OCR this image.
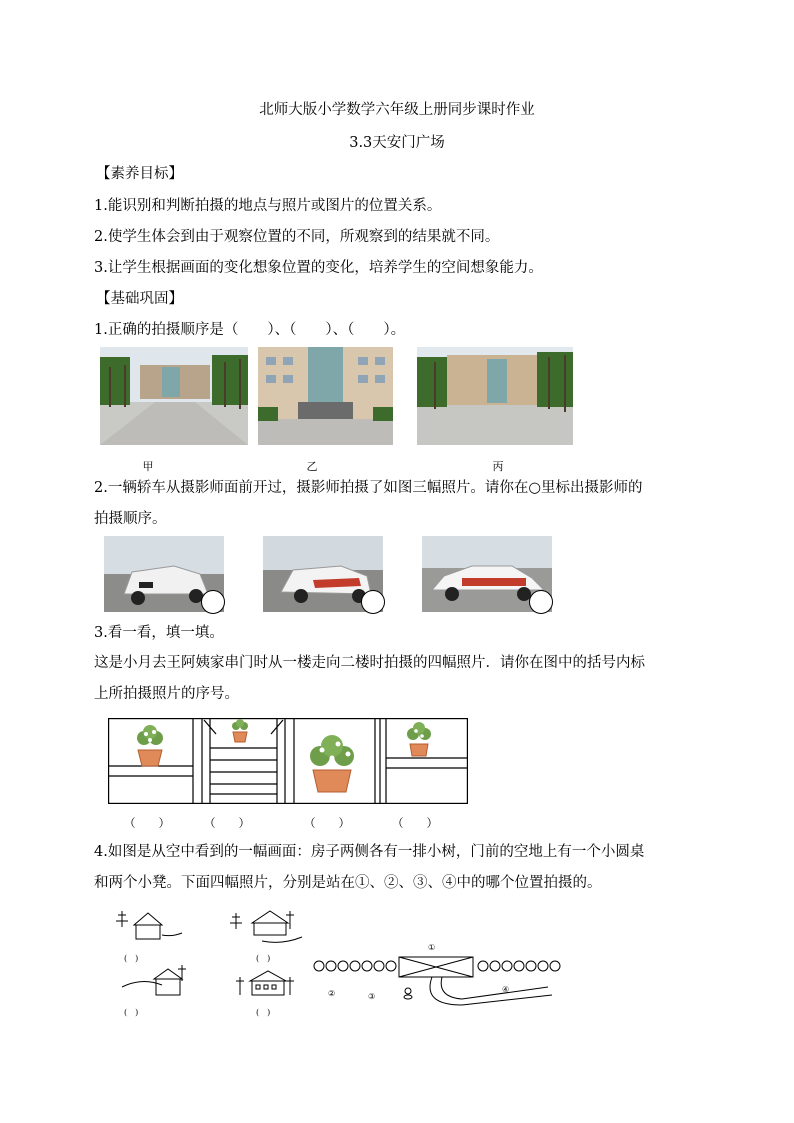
北师大版小学数学六年级上册同步课时作业
3.3天安门广场
【素养目标】
1.能识别和判断拍摄的地点与照片或图片的位置关系。
2.使学生体会到由于观察位置的不同，所观察到的结果就不同。
3.让学生根据画面的变化想象位置的变化，培养学生的空间想象能力。
【基础巩固】
1.正确的拍摄顺序是（　　）、（　　）、（　　）。
甲	乙	丙
2.一辆轿车从摄影师面前开过，摄影师拍摄了如图三幅照片。请你在○里标出摄影师的
拍摄顺序。
3.看一看，填一填。
这是小月去王阿姨家串门时从一楼走向二楼时拍摄的四幅照片．请你在图中的括号内标
上所拍摄照片的序号。
（　　）	（　　）	（　　）	（　　）
4.如图是从空中看到的一幅画面：房子两侧各有一排小树，门前的空地上有一个小圆桌
和两个小凳。下面四幅照片，分别是站在①、②、③、④中的哪个位置拍摄的。
(　)	(　)
(　)	(　)
①
②	③
④
